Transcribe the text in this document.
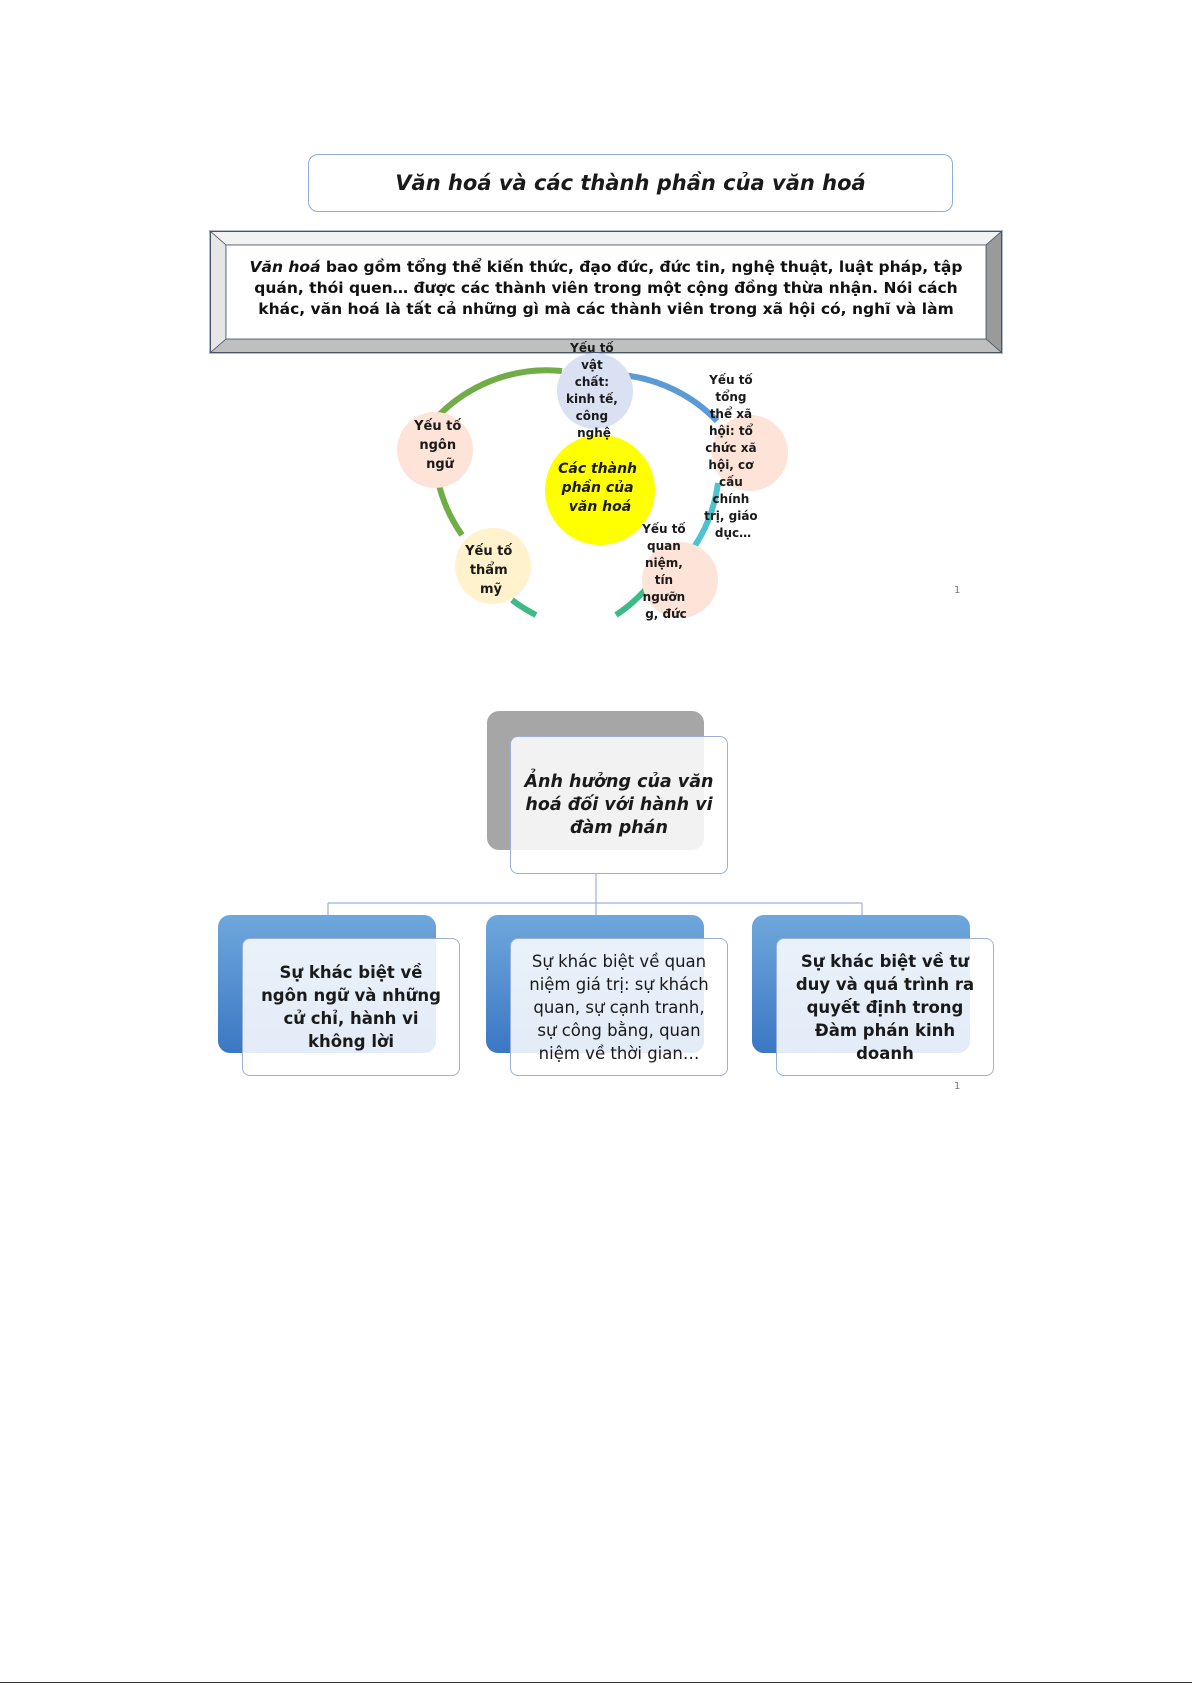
Văn hoá và các thành phần của văn hoá
Văn hoá bao gồm tổng thể kiến thức, đạo đức, đức tin, nghệ thuật, luật pháp, tập quán, thói quen… được các thành viên trong một cộng đồng thừa nhận. Nói cách khác, văn hoá là tất cả những gì mà các thành viên trong xã hội có, nghĩ và làm
Các thành phần của văn hoá
Yếu tố vật chất: kinh tế, công nghệ
Yếu tố tổng thể xã hội: tổ chức xã hội, cơ cấu chính trị, giáo dục…
Yếu tố quan niệm, tín ngưỡn g, đức
Yếu tố thẩm mỹ
Yếu tố ngôn ngữ
1
Ảnh hưởng của văn hoá đối với hành vi đàm phán
Sự khác biệt về ngôn ngữ và những cử chỉ, hành vi không lời
Sự khác biệt về quan niệm giá trị: sự khách quan, sự cạnh tranh, sự công bằng, quan niệm về thời gian…
Sự khác biệt về tư duy và quá trình ra quyết định trong Đàm phán kinh doanh
1
